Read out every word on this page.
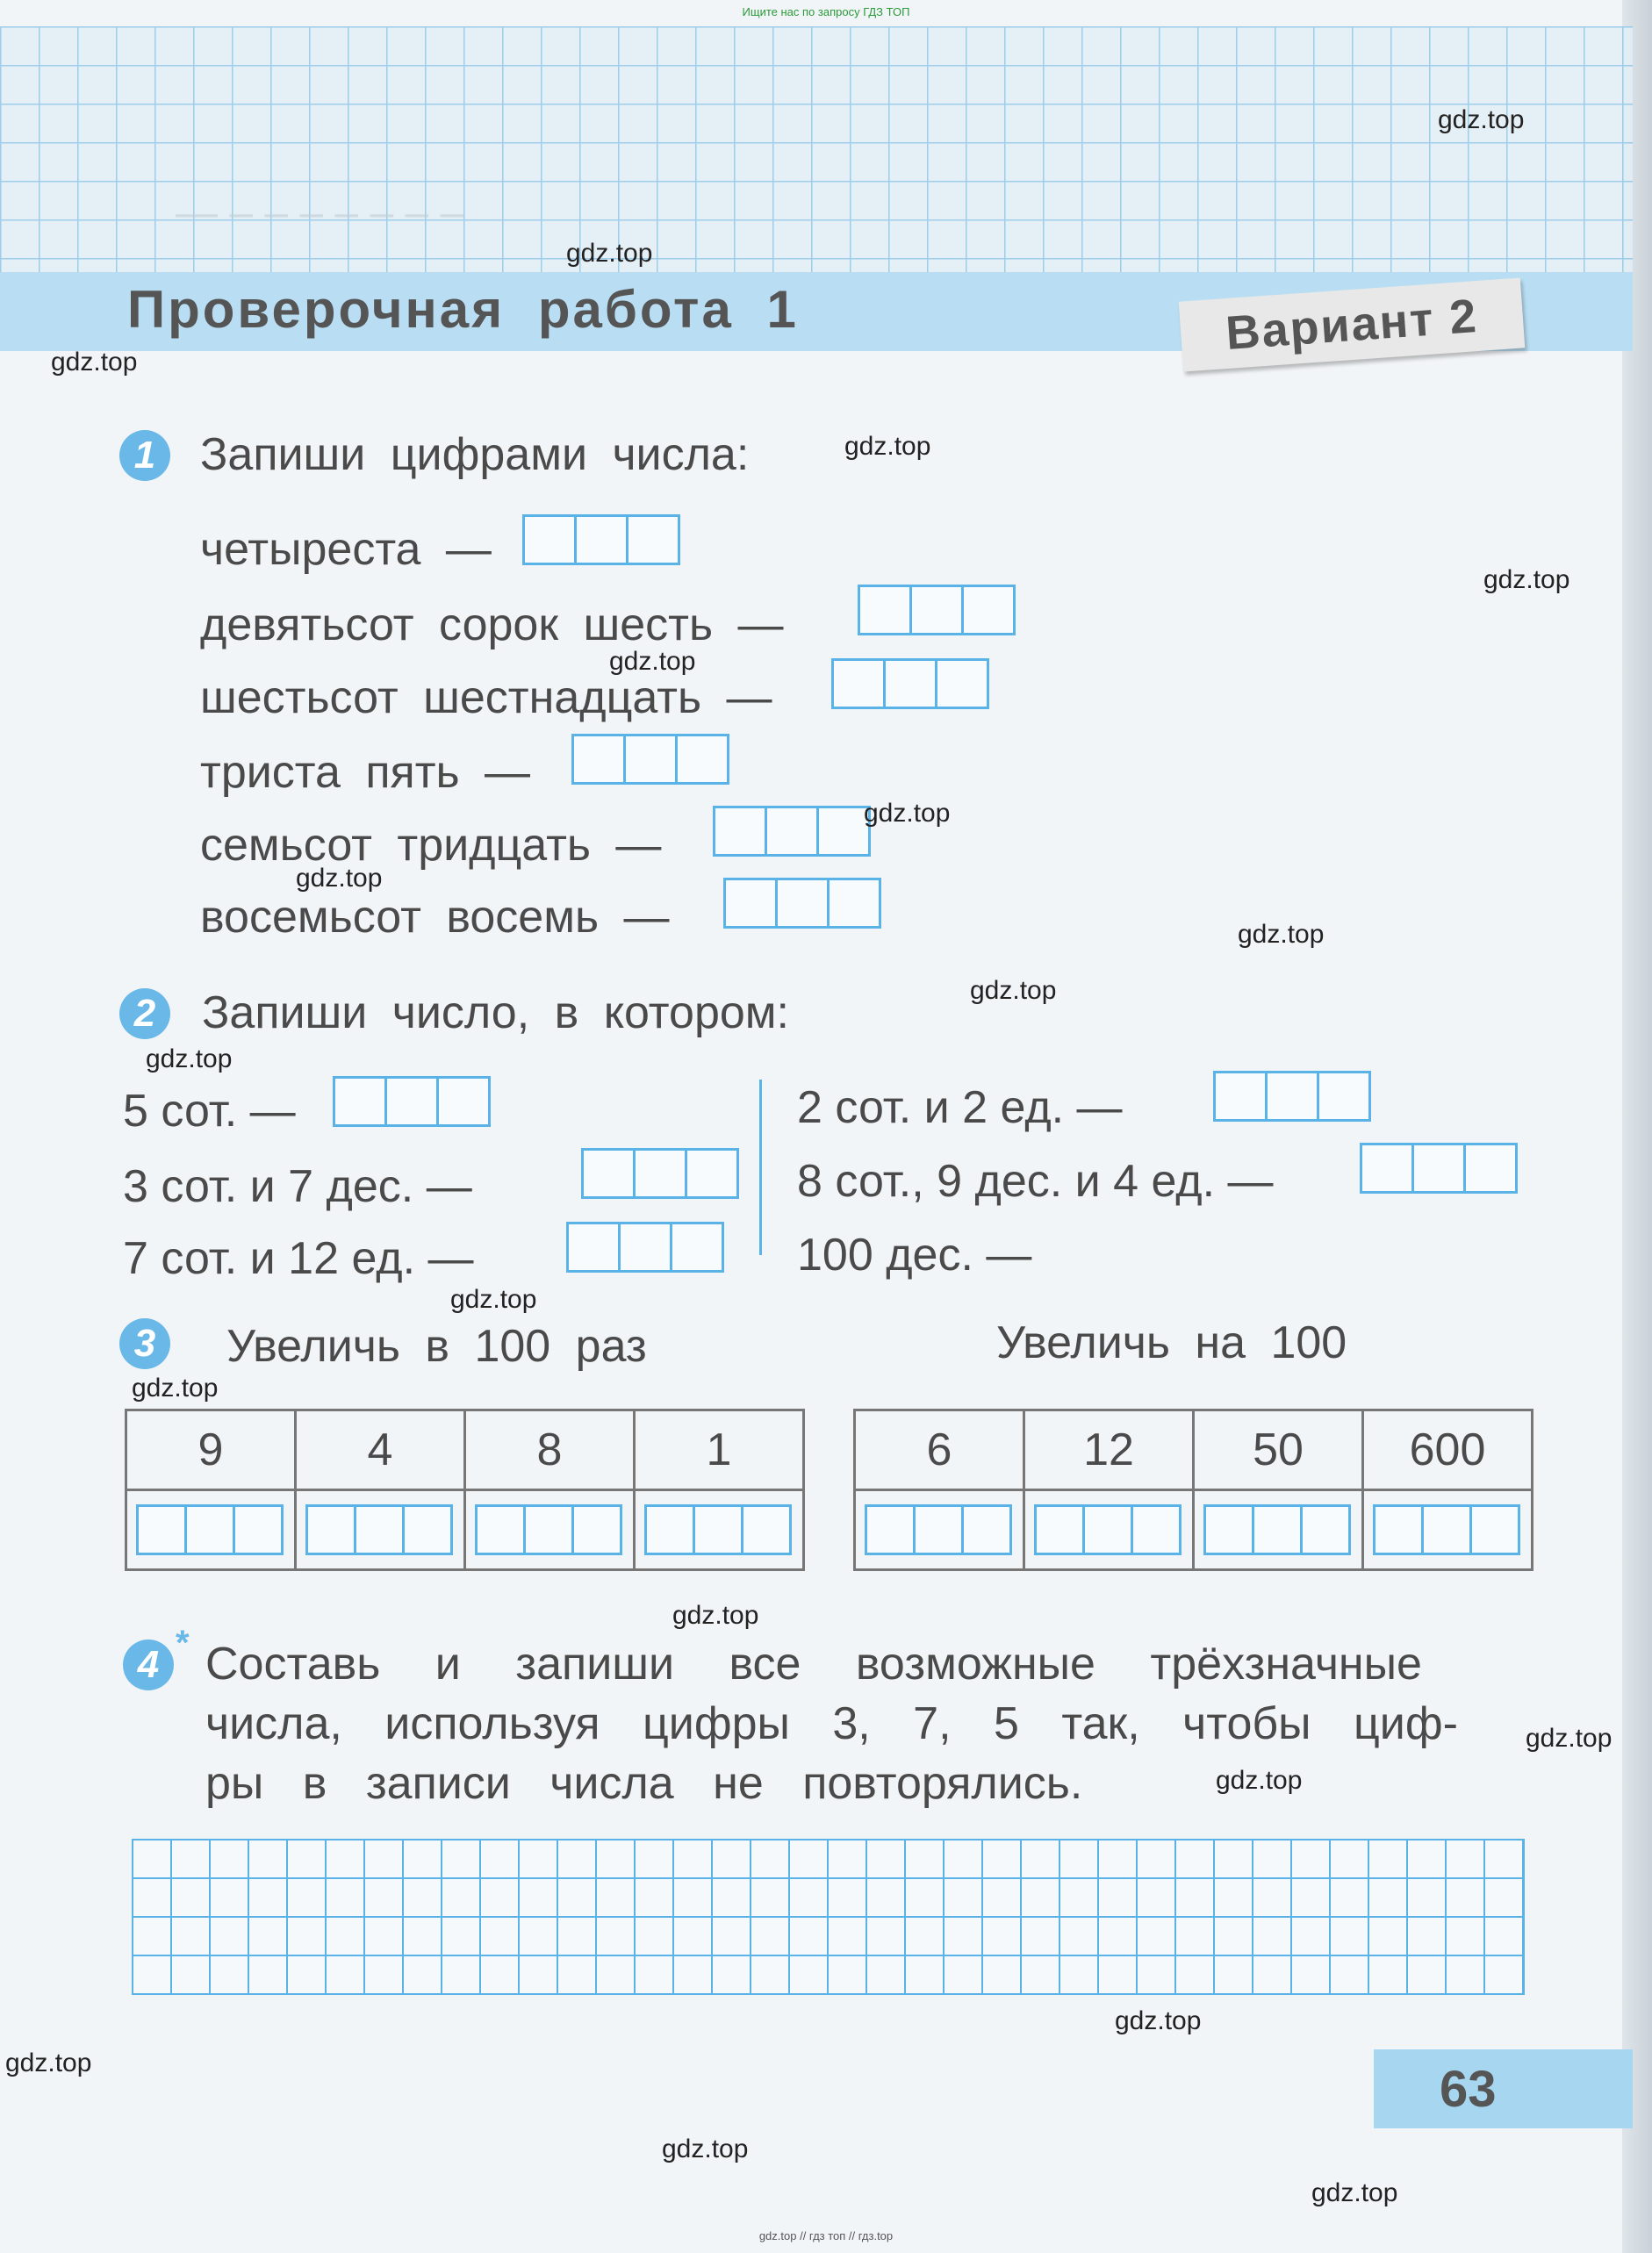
Ищите нас по запросу ГДЗ ТОП
— ‒ ‒ ‒ ‒ ‒ ‒ ‒
Проверочная работа 1	Вариант 2
1 Запиши цифрами числа:
четыреста —
девятьсот сорок шесть —
шестьсот шестнадцать —
триста пять —
семьсот тридцать —
восемьсот восемь —
2	Запиши число, в котором:
5 сот. —
3 сот. и 7 дес. —
7 сот. и 12 ед. —
2 сот. и 2 ед. —
8 сот., 9 дес. и 4 ед. —
100 дес. —
3	Увеличь в 100 раз	Увеличь на 100
9	4	8	1

		6	12	50	600

4 * Составь и запиши все возможные трёхзначные
числа, используя цифры 3, 7, 5 так, чтобы циф-
ры в записи числа не повторялись.
63
gdz.top
gdz.top
gdz.top
gdz.top
gdz.top
gdz.top
gdz.top
gdz.top
gdz.top
gdz.top
gdz.top
gdz.top
gdz.top
gdz.top
gdz.top
gdz.top
gdz.top
gdz.top
gdz.top
gdz.top
gdz.top // гдз топ // гдз.top
